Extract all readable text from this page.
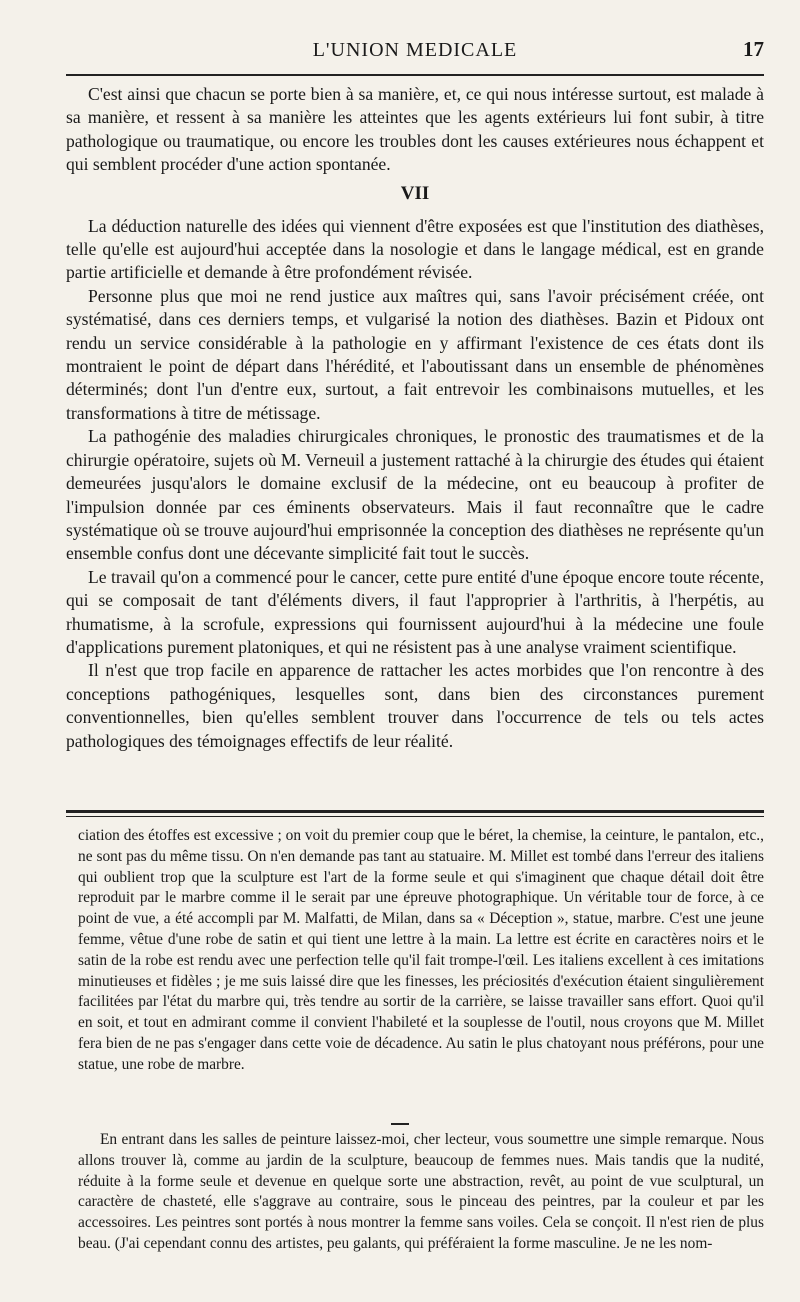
L'UNION MEDICALE	17

C'est ainsi que chacun se porte bien à sa manière, et, ce qui nous intéresse surtout, est malade à sa manière, et ressent à sa manière les atteintes que les agents extérieurs lui font subir, à titre pathologique ou traumatique, ou encore les troubles dont les causes extérieures nous échappent et qui semblent procéder d'une action spontanée.

VII

La déduction naturelle des idées qui viennent d'être exposées est que l'institution des diathèses, telle qu'elle est aujourd'hui acceptée dans la nosologie et dans le langage médical, est en grande partie artificielle et demande à être profondément révisée.

Personne plus que moi ne rend justice aux maîtres qui, sans l'avoir précisément créée, ont systématisé, dans ces derniers temps, et vulgarisé la notion des diathèses. Bazin et Pidoux ont rendu un service considérable à la pathologie en y affirmant l'existence de ces états dont ils montraient le point de départ dans l'hérédité, et l'aboutissant dans un ensemble de phénomènes déterminés; dont l'un d'entre eux, surtout, a fait entrevoir les combinaisons mutuelles, et les transformations à titre de métissage.

La pathogénie des maladies chirurgicales chroniques, le pronostic des traumatismes et de la chirurgie opératoire, sujets où M. Verneuil a justement rattaché à la chirurgie des études qui étaient demeurées jusqu'alors le domaine exclusif de la médecine, ont eu beaucoup à profiter de l'impulsion donnée par ces éminents observateurs. Mais il faut reconnaître que le cadre systématique où se trouve aujourd'hui emprisonnée la conception des diathèses ne représente qu'un ensemble confus dont une décevante simplicité fait tout le succès.

Le travail qu'on a commencé pour le cancer, cette pure entité d'une époque encore toute récente, qui se composait de tant d'éléments divers, il faut l'approprier à l'arthritis, à l'herpétis, au rhumatisme, à la scrofule, expressions qui fournissent aujourd'hui à la médecine une foule d'applications purement platoniques, et qui ne résistent pas à une analyse vraiment scientifique.

Il n'est que trop facile en apparence de rattacher les actes morbides que l'on rencontre à des conceptions pathogéniques, lesquelles sont, dans bien des circonstances purement conventionnelles, bien qu'elles semblent trouver dans l'occurrence de tels ou tels actes pathologiques des témoignages effectifs de leur réalité.

ciation des étoffes est excessive ; on voit du premier coup que le béret, la chemise, la ceinture, le pantalon, etc., ne sont pas du même tissu. On n'en demande pas tant au statuaire. M. Millet est tombé dans l'erreur des italiens qui oublient trop que la sculpture est l'art de la forme seule et qui s'imaginent que chaque détail doit être reproduit par le marbre comme il le serait par une épreuve photographique. Un véritable tour de force, à ce point de vue, a été accompli par M. Malfatti, de Milan, dans sa « Déception », statue, marbre. C'est une jeune femme, vêtue d'une robe de satin et qui tient une lettre à la main. La lettre est écrite en caractères noirs et le satin de la robe est rendu avec une perfection telle qu'il fait trompe-l'œil. Les italiens excellent à ces imitations minutieuses et fidèles ; je me suis laissé dire que les finesses, les préciosités d'exécution étaient singulièrement facilitées par l'état du marbre qui, très tendre au sortir de la carrière, se laisse travailler sans effort. Quoi qu'il en soit, et tout en admirant comme il convient l'habileté et la souplesse de l'outil, nous croyons que M. Millet fera bien de ne pas s'engager dans cette voie de décadence. Au satin le plus chatoyant nous préférons, pour une statue, une robe de marbre.

En entrant dans les salles de peinture laissez-moi, cher lecteur, vous soumettre une simple remarque. Nous allons trouver là, comme au jardin de la sculpture, beaucoup de femmes nues. Mais tandis que la nudité, réduite à la forme seule et devenue en quelque sorte une abstraction, revêt, au point de vue sculptural, un caractère de chasteté, elle s'aggrave au contraire, sous le pinceau des peintres, par la couleur et par les accessoires. Les peintres sont portés à nous montrer la femme sans voiles. Cela se conçoit. Il n'est rien de plus beau. (J'ai cependant connu des artistes, peu galants, qui préféraient la forme masculine. Je ne les nom-
